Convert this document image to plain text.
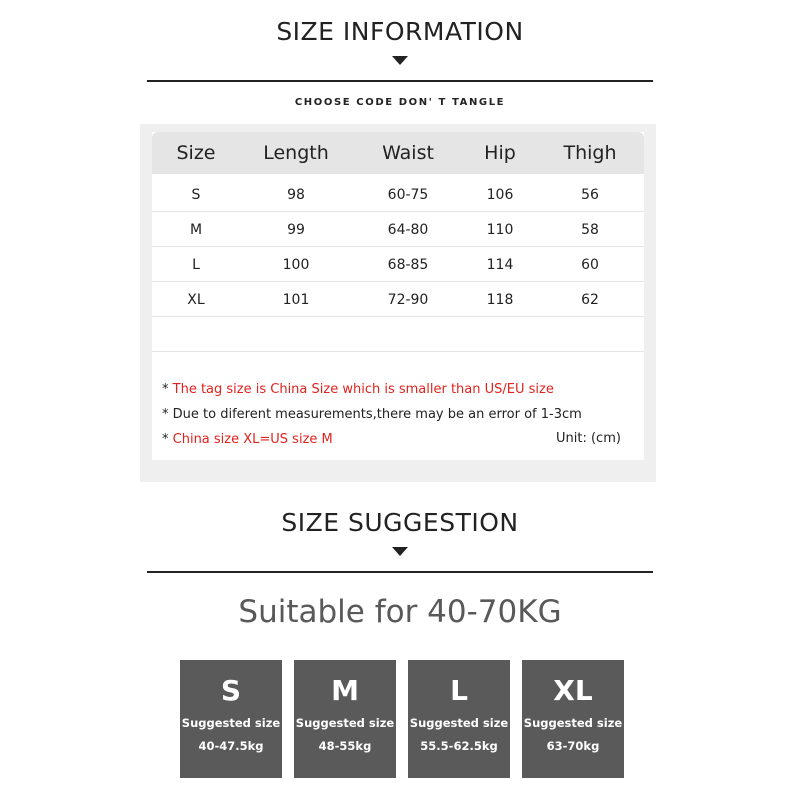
SIZE INFORMATION
CHOOSE CODE DON' T TANGLE
Size	Length	Waist	Hip	Thigh
S	98	60-75	106	56
M	99	64-80	110	58
L	100	68-85	114	60
XL	101	72-90	118	62
* The tag size is China Size which is smaller than US/EU size
* Due to diferent measurements,there may be an error of 1-3cm
* China size XL=US size M	Unit: (cm)
SIZE SUGGESTION
Suitable for 40-70KG
S
Suggested size
40-47.5kg
M
Suggested size
48-55kg
L
Suggested size
55.5-62.5kg
XL
Suggested size
63-70kg
